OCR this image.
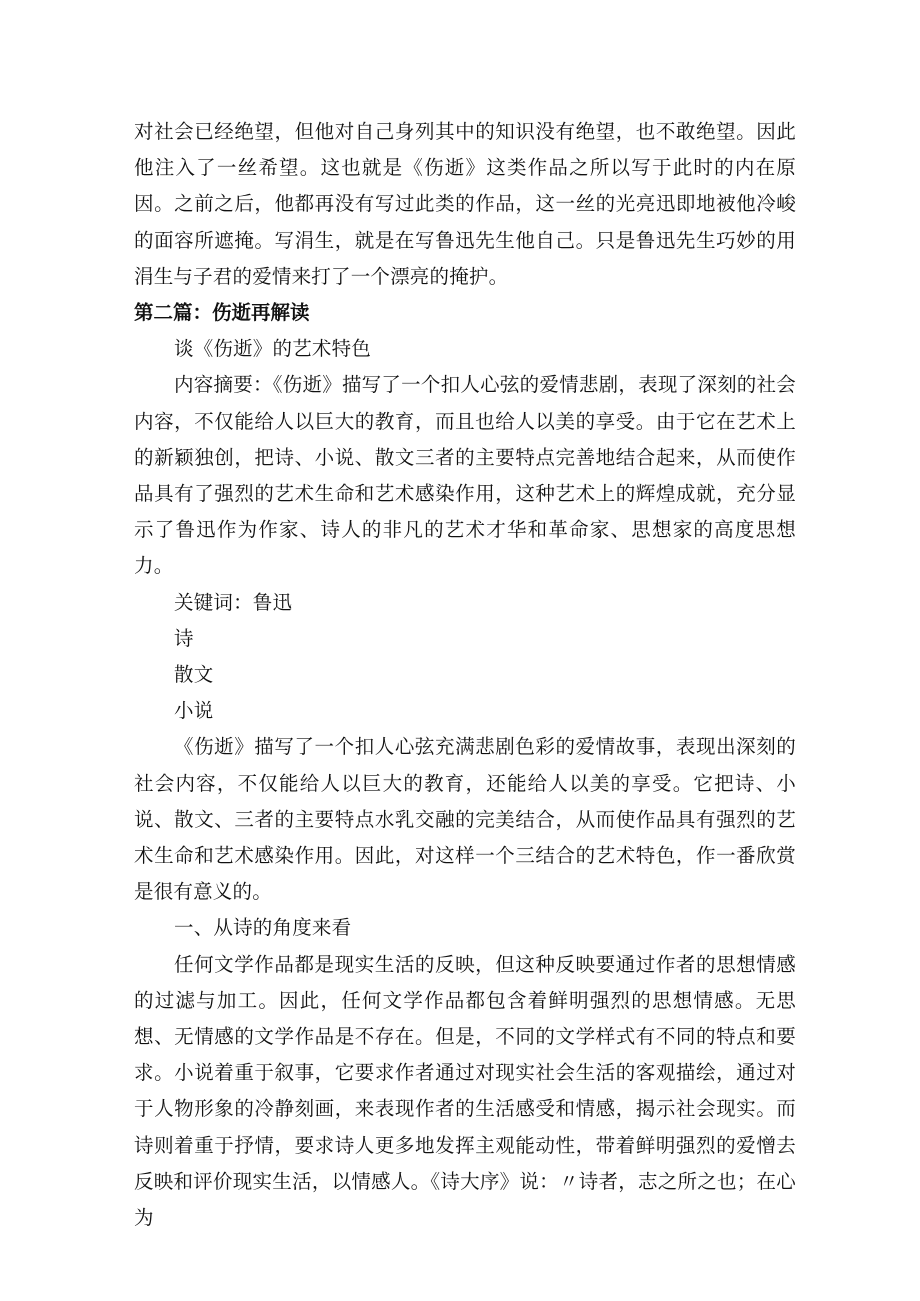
对社会已经绝望，但他对自己身列其中的知识没有绝望，也不敢绝望。因此他注入了一丝希望。这也就是《伤逝》这类作品之所以写于此时的内在原因。之前之后，他都再没有写过此类的作品，这一丝的光亮迅即地被他冷峻的面容所遮掩。写涓生，就是在写鲁迅先生他自己。只是鲁迅先生巧妙的用涓生与子君的爱情来打了一个漂亮的掩护。

第二篇：伤逝再解读

谈《伤逝》的艺术特色

内容摘要：《伤逝》描写了一个扣人心弦的爱情悲剧，表现了深刻的社会内容，不仅能给人以巨大的教育，而且也给人以美的享受。由于它在艺术上的新颖独创，把诗、小说、散文三者的主要特点完善地结合起来，从而使作品具有了强烈的艺术生命和艺术感染作用，这种艺术上的辉煌成就，充分显示了鲁迅作为作家、诗人的非凡的艺术才华和革命家、思想家的高度思想力。

关键词：鲁迅

诗

散文

小说

《伤逝》描写了一个扣人心弦充满悲剧色彩的爱情故事，表现出深刻的社会内容，不仅能给人以巨大的教育，还能给人以美的享受。它把诗、小说、散文、三者的主要特点水乳交融的完美结合，从而使作品具有强烈的艺术生命和艺术感染作用。因此，对这样一个三结合的艺术特色，作一番欣赏是很有意义的。

一、从诗的角度来看

任何文学作品都是现实生活的反映，但这种反映要通过作者的思想情感的过滤与加工。因此，任何文学作品都包含着鲜明强烈的思想情感。无思想、无情感的文学作品是不存在。但是，不同的文学样式有不同的特点和要求。小说着重于叙事，它要求作者通过对现实社会生活的客观描绘，通过对于人物形象的冷静刻画，来表现作者的生活感受和情感，揭示社会现实。而诗则着重于抒情，要求诗人更多地发挥主观能动性，带着鲜明强烈的爱憎去反映和评价现实生活，以情感人。《诗大序》说：〃诗者，志之所之也；在心为
